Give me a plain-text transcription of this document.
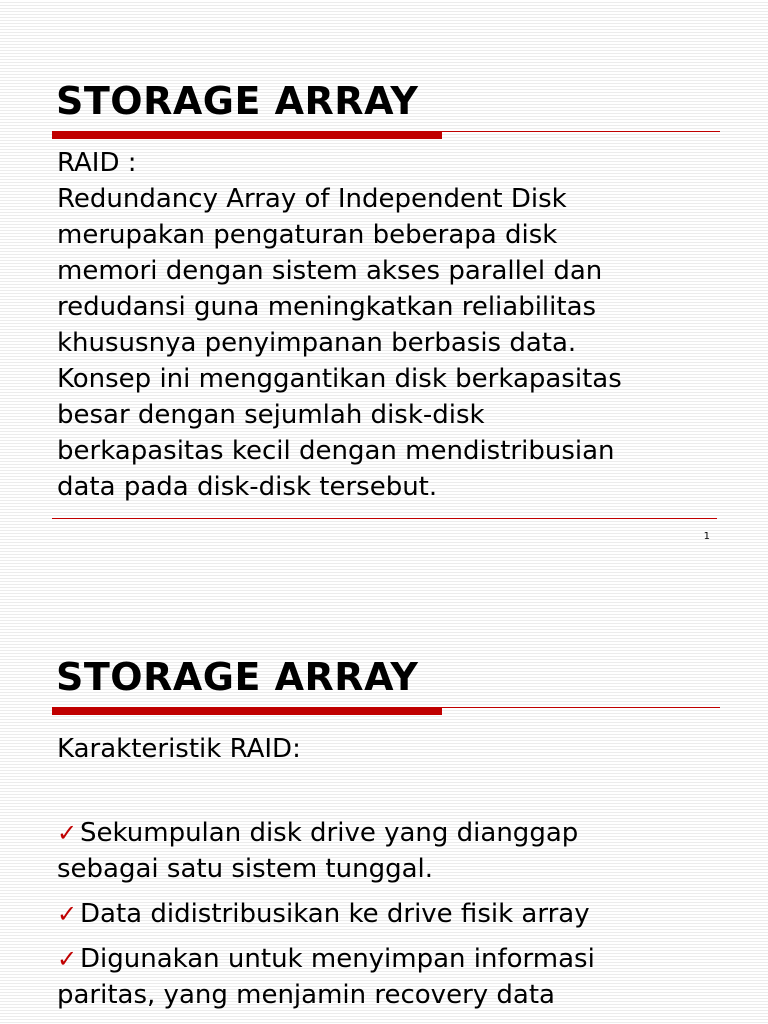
STORAGE ARRAY
RAID :
Redundancy Array of Independent Disk
merupakan pengaturan beberapa disk
memori dengan sistem akses parallel dan
redudansi guna meningkatkan reliabilitas
khususnya penyimpanan berbasis data.
Konsep ini menggantikan disk berkapasitas
besar dengan sejumlah disk-disk
berkapasitas kecil dengan mendistribusian
data pada disk-disk tersebut.
1
STORAGE ARRAY
Karakteristik RAID:
✓ Sekumpulan disk drive yang dianggap
sebagai satu sistem tunggal.
✓ Data didistribusikan ke drive fisik array
✓ Digunakan untuk menyimpan informasi
paritas, yang menjamin recovery data
